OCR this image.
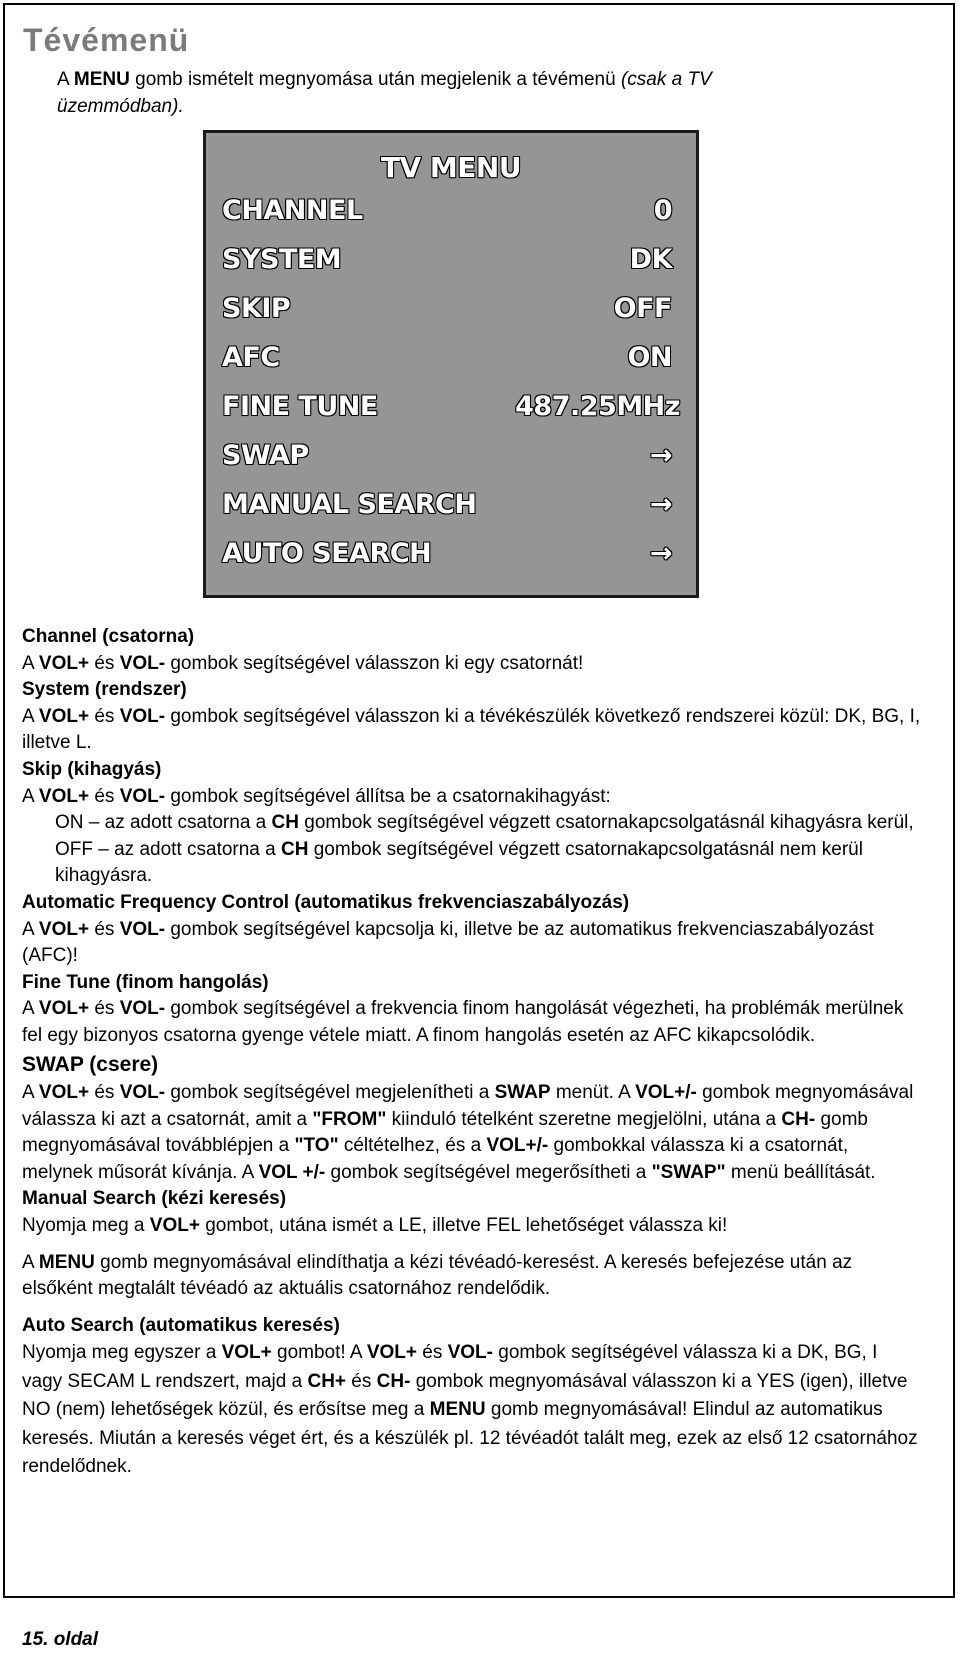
Tévémenü
A MENU gomb ismételt megnyomása után megjelenik a tévémenü (csak a TV üzemmódban).
TV MENU
CHANNEL	0
SYSTEM	DK
SKIP	OFF
AFC	ON
FINE TUNE	487.25MHz
SWAP	→
MANUAL SEARCH	→
AUTO SEARCH	→

Channel (csatorna)

A VOL+ és VOL- gombok segítségével válasszon ki egy csatornát!

System (rendszer)

A VOL+ és VOL- gombok segítségével válasszon ki a tévékészülék következő rendszerei közül: DK, BG, I, illetve L.

Skip (kihagyás)

A VOL+ és VOL- gombok segítségével állítsa be a csatornakihagyást:

ON – az adott csatorna a CH gombok segítségével végzett csatornakapcsolgatásnál kihagyásra kerül,

OFF – az adott csatorna a CH gombok segítségével végzett csatornakapcsolgatásnál nem kerül kihagyásra.

Automatic Frequency Control (automatikus frekvenciaszabályozás)

A VOL+ és VOL- gombok segítségével kapcsolja ki, illetve be az automatikus frekvenciaszabályozást (AFC)!

Fine Tune (finom hangolás)

A VOL+ és VOL- gombok segítségével a frekvencia finom hangolását végezheti, ha problémák merülnek fel egy bizonyos csatorna gyenge vétele miatt. A finom hangolás esetén az AFC kikapcsolódik.

SWAP (csere)

A VOL+ és VOL- gombok segítségével megjelenítheti a SWAP menüt. A VOL+/- gombok megnyomásával válassza ki azt a csatornát, amit a "FROM" kiinduló tételként szeretne megjelölni, utána a CH- gomb megnyomásával továbblépjen a "TO" céltételhez, és a VOL+/- gombokkal válassza ki a csatornát, melynek műsorát kívánja. A VOL +/- gombok segítségével megerősítheti a "SWAP" menü beállítását.

Manual Search (kézi keresés)

Nyomja meg a VOL+ gombot, utána ismét a LE, illetve FEL lehetőséget válassza ki!

A MENU gomb megnyomásával elindíthatja a kézi tévéadó-keresést. A keresés befejezése után az elsőként megtalált tévéadó az aktuális csatornához rendelődik.

Auto Search (automatikus keresés)

Nyomja meg egyszer a VOL+ gombot! A VOL+ és VOL- gombok segítségével válassza ki a DK, BG, I vagy SECAM L rendszert, majd a CH+ és CH- gombok megnyomásával válasszon ki a YES (igen), illetve NO (nem) lehetőségek közül, és erősítse meg a MENU gomb megnyomásával! Elindul az automatikus keresés. Miután a keresés véget ért, és a készülék pl. 12 tévéadót talált meg, ezek az első 12 csatornához rendelődnek.

15. oldal
